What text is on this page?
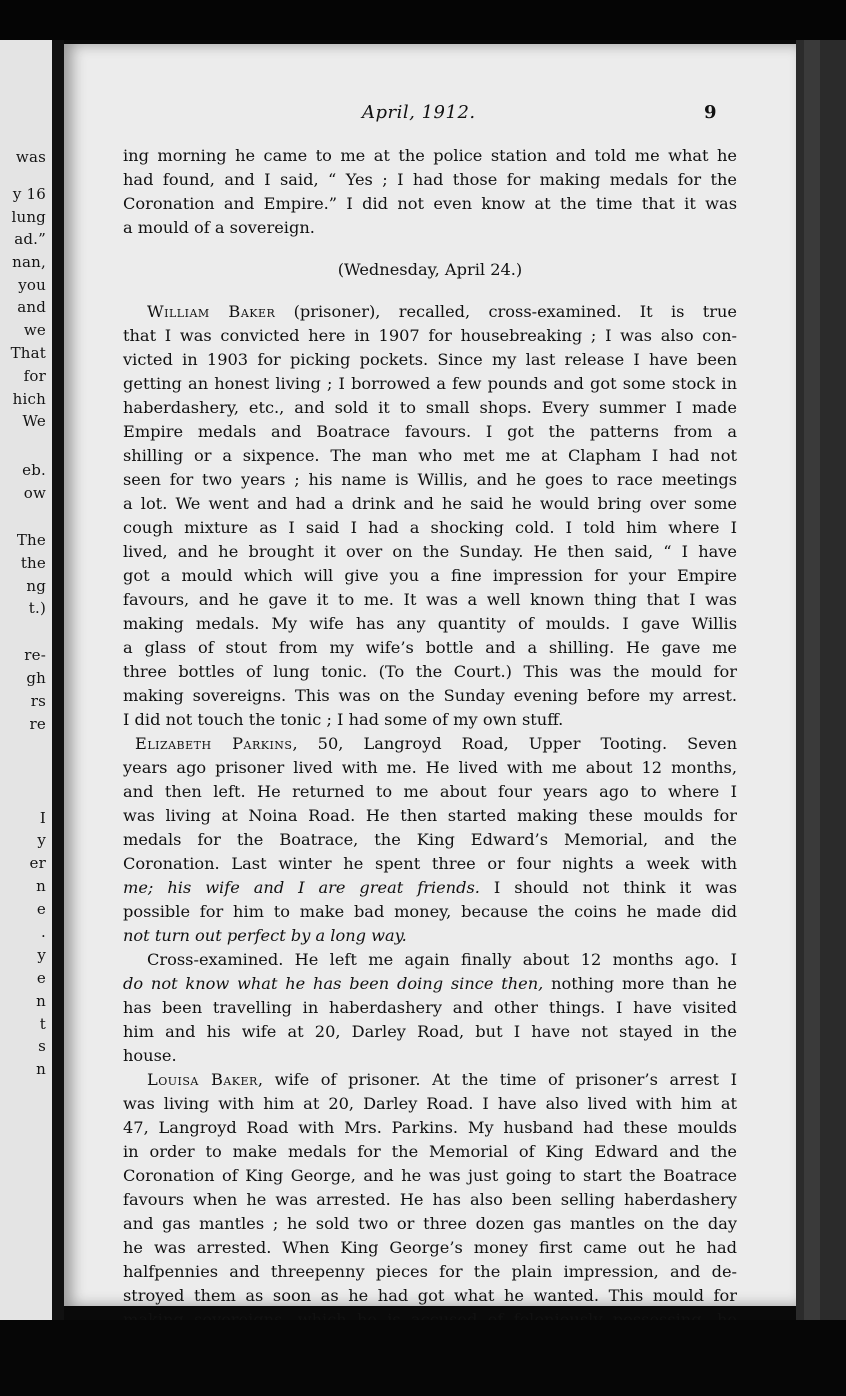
was
y 16
lung
ad.”
nan,
you
and
we
That
for
hich
We
eb.
ow
The
the
ng
t.)
re-
gh
rs
re
I
y
er
n
e
.
y
e
n
t
s
n
April, 1912.	9
ing morning he came to me at the police station and told me what he
had found, and I said, “ Yes ; I had those for making medals for the
Coronation and Empire.” I did not even know at the time that it was
a mould of a sovereign.
(Wednesday, April 24.)
William Baker (prisoner), recalled, cross-examined. It is true
that I was convicted here in 1907 for housebreaking ; I was also con-
victed in 1903 for picking pockets. Since my last release I have been
getting an honest living ; I borrowed a few pounds and got some stock in
haberdashery, etc., and sold it to small shops. Every summer I made
Empire medals and Boatrace favours. I got the patterns from a
shilling or a sixpence. The man who met me at Clapham I had not
seen for two years ; his name is Willis, and he goes to race meetings
a lot. We went and had a drink and he said he would bring over some
cough mixture as I said I had a shocking cold. I told him where I
lived, and he brought it over on the Sunday. He then said, “ I have
got a mould which will give you a fine impression for your Empire
favours, and he gave it to me. It was a well known thing that I was
making medals. My wife has any quantity of moulds. I gave Willis
a glass of stout from my wife’s bottle and a shilling. He gave me
three bottles of lung tonic. (To the Court.) This was the mould for
making sovereigns. This was on the Sunday evening before my arrest.
I did not touch the tonic ; I had some of my own stuff.
Elizabeth Parkins, 50, Langroyd Road, Upper Tooting. Seven
years ago prisoner lived with me. He lived with me about 12 months,
and then left. He returned to me about four years ago to where I
was living at Noina Road. He then started making these moulds for
medals for the Boatrace, the King Edward’s Memorial, and the
Coronation. Last winter he spent three or four nights a week with
me; his wife and I are great friends. I should not think it was
possible for him to make bad money, because the coins he made did
not turn out perfect by a long way.
Cross-examined. He left me again finally about 12 months ago. I
do not know what he has been doing since then, nothing more than he
has been travelling in haberdashery and other things. I have visited
him and his wife at 20, Darley Road, but I have not stayed in the
house.
Louisa Baker, wife of prisoner. At the time of prisoner’s arrest I
was living with him at 20, Darley Road. I have also lived with him at
47, Langroyd Road with Mrs. Parkins. My husband had these moulds
in order to make medals for the Memorial of King Edward and the
Coronation of King George, and he was just going to start the Boatrace
favours when he was arrested. He has also been selling haberdashery
and gas mantles ; he sold two or three dozen gas mantles on the day
he was arrested. When King George’s money first came out he had
halfpennies and threepenny pieces for the plain impression, and de-
stroyed them as soon as he had got what he wanted. This mould for
